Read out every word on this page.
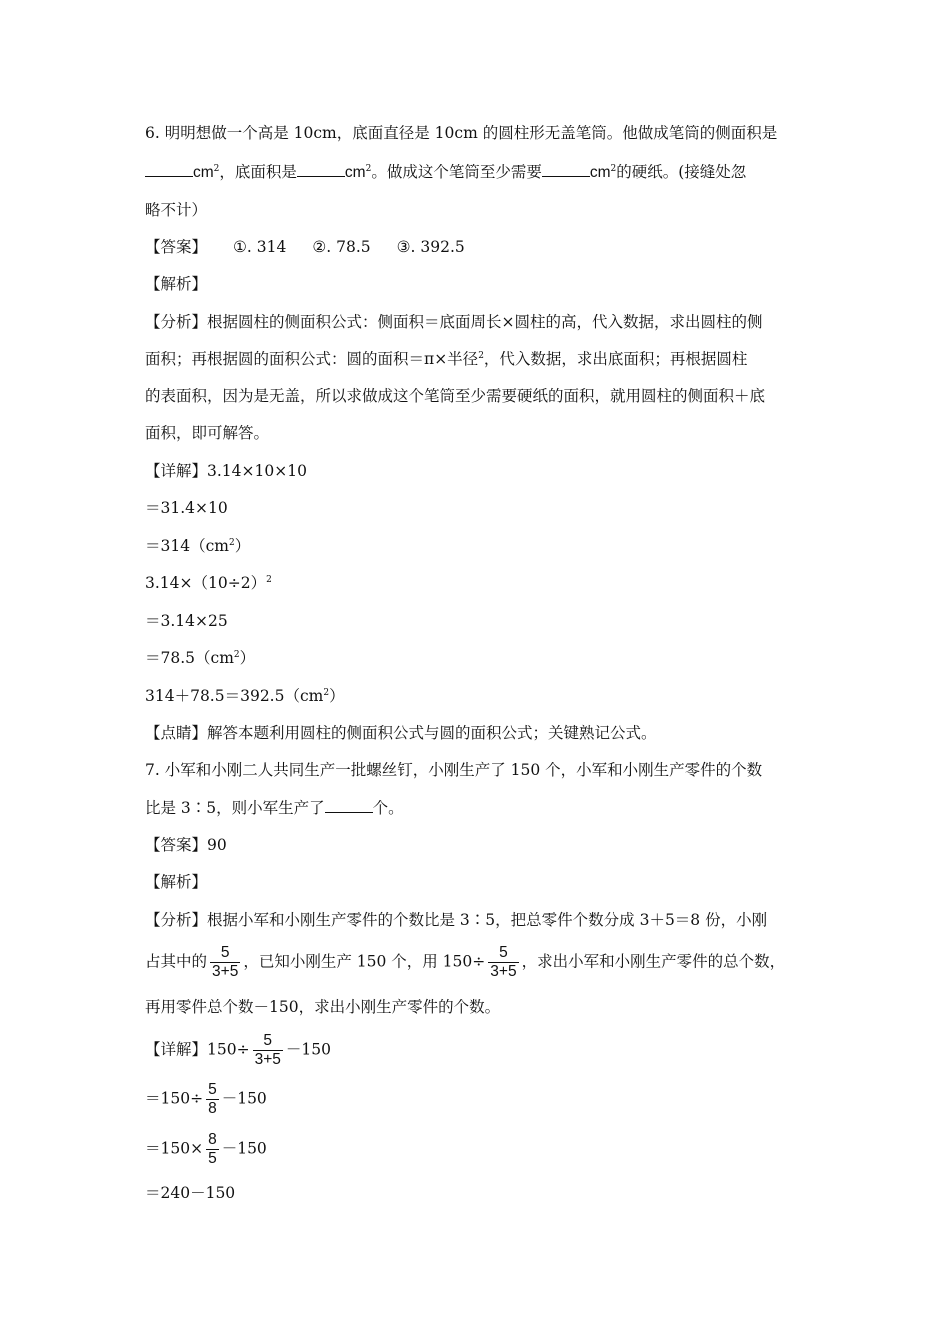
6. 明明想做一个高是 10cm，底面直径是 10cm 的圆柱形无盖笔筒。他做成笔筒的侧面积是
$cm^2$，底面积是	$cm^2$。做成这个笔筒至少需要	$cm^2$的硬纸。(接缝处忽
略不计）
【答案】 ①. 314 ②. 78.5 ③. 392.5
【解析】
【分析】根据圆柱的侧面积公式：侧面积＝底面周长×圆柱的高，代入数据，求出圆柱的侧
面积；再根据圆的面积公式：圆的面积＝π×半径$^2$，代入数据，求出底面积；再根据圆柱
的表面积，因为是无盖，所以求做成这个笔筒至少需要硬纸的面积，就用圆柱的侧面积＋底
面积，即可解答。
【详解】3.14×10×10
＝31.4×10
$=314(cm^2)$
$3.14\times(10\div 2)^2$
＝3.14×25
$=78.5(cm^2)$
$314+78.5=392.5(cm^2)$
【点睛】解答本题利用圆柱的侧面积公式与圆的面积公式；关键熟记公式。
7. 小军和小刚二人共同生产一批螺丝钉，小刚生产了 150 个，小军和小刚生产零件的个数
比是 3∶5，则小军生产了	个。
【答案】90
【解析】
【分析】根据小军和小刚生产零件的个数比是 3∶5，把总零件个数分成 3＋5＝8 份，小刚
占其中的 $\frac{5}{3+5}$ ，已知小刚生产 150 个，用 $150\div \frac{5}{3+5}$ ，求出小军和小刚生产零件的总个数，
再用零件总个数－150，求出小刚生产零件的个数。
【详解】$150\div \frac{5}{3+5} -150$
$=150\div \frac{5}{8} -150$
$=150\times \frac{8}{5} -150$
＝240－150
